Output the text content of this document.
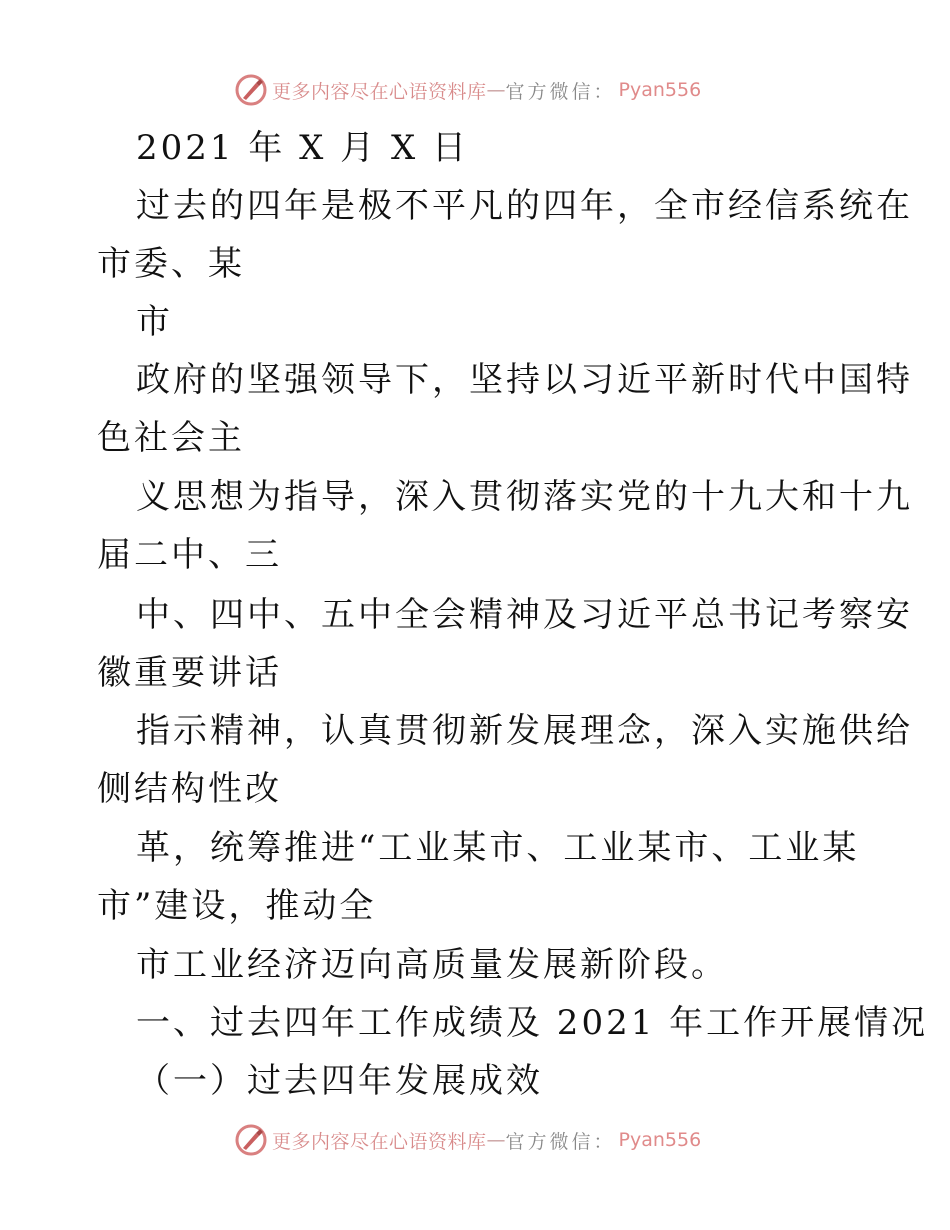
更多内容尽在心语资料库 — 官方微信 ： Pyan556
2021 年 X 月 X 日
过去的四年是极不平凡的四年，全市经信系统在
市委、某
市
政府的坚强领导下，坚持以习近平新时代中国特
色社会主
义思想为指导，深入贯彻落实党的十九大和十九
届二中、三
中、四中、五中全会精神及习近平总书记考察安
徽重要讲话
指示精神，认真贯彻新发展理念，深入实施供给
侧结构性改
革，统筹推进“工业某市、工业某市、工业某
市”建设，推动全
市工业经济迈向高质量发展新阶段。
一、过去四年工作成绩及 2021 年工作开展情况
（一）过去四年发展成效
更多内容尽在心语资料库 — 官方微信 ： Pyan556
